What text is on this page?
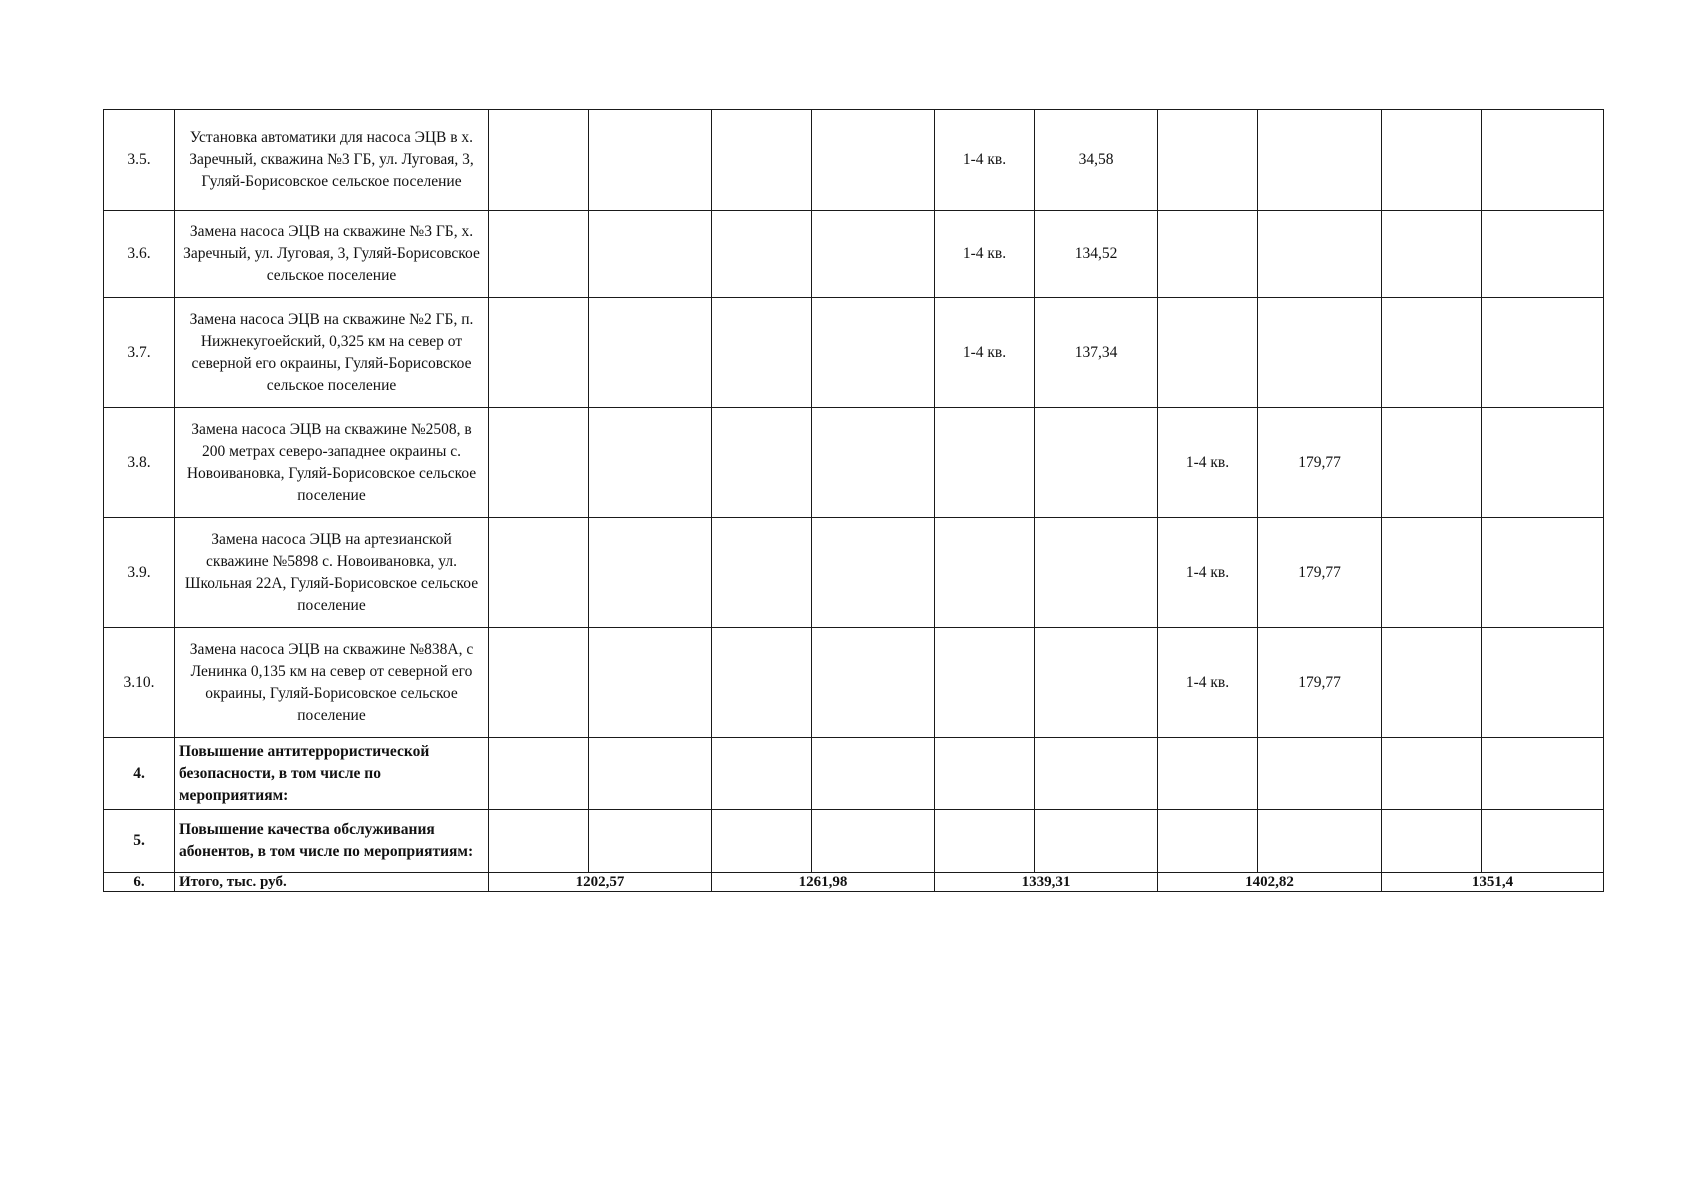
3.5.	Установка автоматики для насоса ЭЦВ в х. Заречный, скважина №3 ГБ, ул. Луговая, 3, Гуляй-Борисовское сельское поселение					1-4 кв.	34,58				
3.6.	Замена насоса ЭЦВ на скважине №3 ГБ, х. Заречный, ул. Луговая, 3, Гуляй-Борисовское сельское поселение					1-4 кв.	134,52				
3.7.	Замена насоса ЭЦВ на скважине №2 ГБ, п. Нижнекугоейский, 0,325 км на север от северной его окраины, Гуляй-Борисовское сельское поселение					1-4 кв.	137,34				
3.8.	Замена насоса ЭЦВ на скважине №2508, в 200 метрах северо-западнее окраины с. Новоивановка, Гуляй-Борисовское сельское поселение							1-4 кв.	179,77		
3.9.	Замена насоса ЭЦВ на артезианской скважине №5898 с. Новоивановка, ул. Школьная 22А, Гуляй-Борисовское сельское поселение							1-4 кв.	179,77		
3.10.	Замена насоса ЭЦВ на скважине №838А, с Ленинка 0,135 км на север от северной его окраины, Гуляй-Борисовское сельское поселение							1-4 кв.	179,77		
4.	Повышение антитеррористической безопасности, в том числе по мероприятиям:										
5.	Повышение качества обслуживания абонентов, в том числе по мероприятиям:										
6.	Итого, тыс. руб.	1202,57		1261,98		1339,31		1402,82		1351,4	
